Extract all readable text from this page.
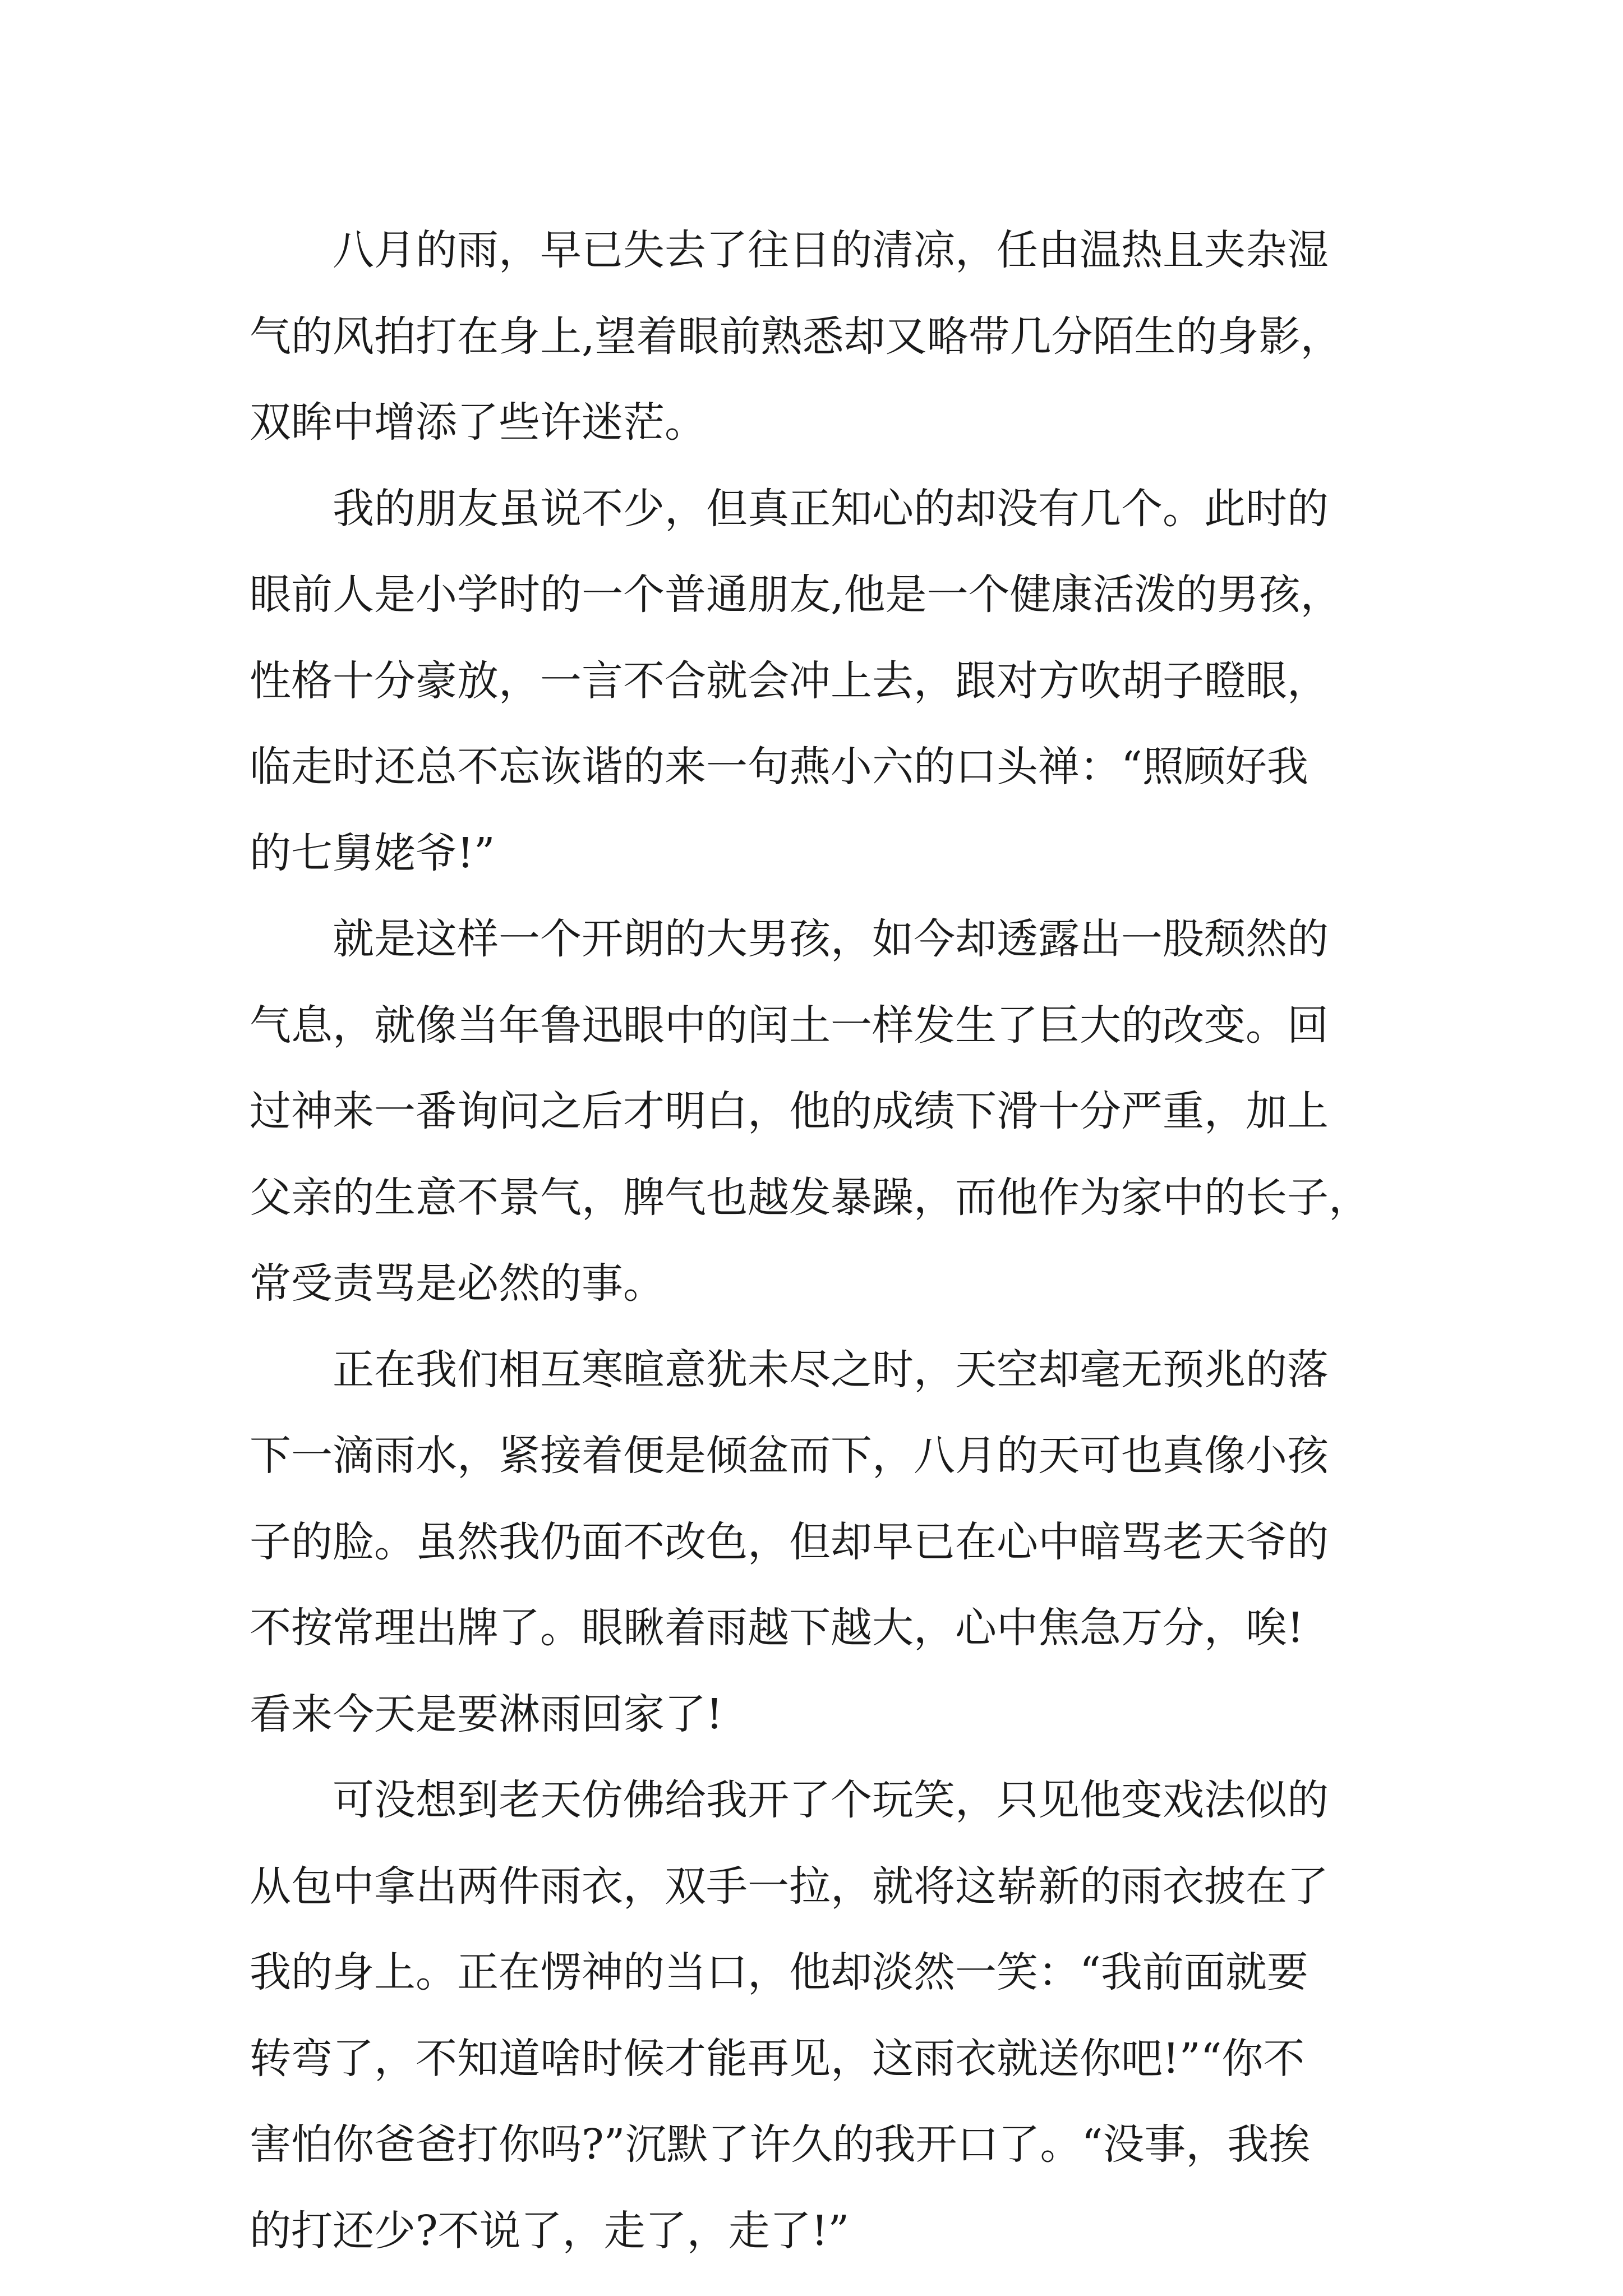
八月的雨，早已失去了往日的清凉，任由温热且夹杂湿
气的风拍打在身上,望着眼前熟悉却又略带几分陌生的身影，
双眸中增添了些许迷茫。
我的朋友虽说不少，但真正知心的却没有几个。此时的
眼前人是小学时的一个普通朋友,他是一个健康活泼的男孩，
性格十分豪放，一言不合就会冲上去，跟对方吹胡子瞪眼，
临走时还总不忘诙谐的来一句燕小六的口头禅：“照顾好我
的七舅姥爷!”
就是这样一个开朗的大男孩，如今却透露出一股颓然的
气息，就像当年鲁迅眼中的闰土一样发生了巨大的改变。回
过神来一番询问之后才明白，他的成绩下滑十分严重，加上
父亲的生意不景气，脾气也越发暴躁，而他作为家中的长子，
常受责骂是必然的事。
正在我们相互寒暄意犹未尽之时，天空却毫无预兆的落
下一滴雨水，紧接着便是倾盆而下，八月的天可也真像小孩
子的脸。虽然我仍面不改色，但却早已在心中暗骂老天爷的
不按常理出牌了。眼瞅着雨越下越大，心中焦急万分，唉!
看来今天是要淋雨回家了!
可没想到老天仿佛给我开了个玩笑，只见他变戏法似的
从包中拿出两件雨衣，双手一拉，就将这崭新的雨衣披在了
我的身上。正在愣神的当口，他却淡然一笑：“我前面就要
转弯了，不知道啥时候才能再见，这雨衣就送你吧!”“你不
害怕你爸爸打你吗?”沉默了许久的我开口了。“没事，我挨
的打还少?不说了，走了，走了!”
